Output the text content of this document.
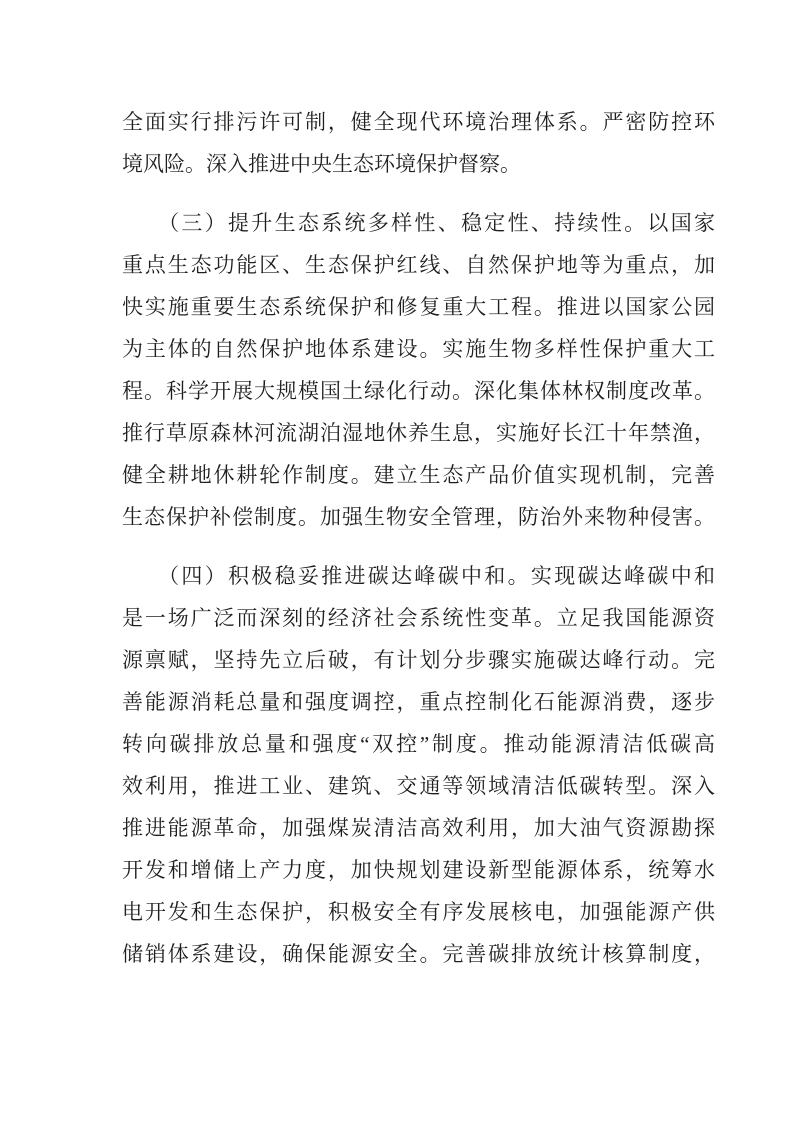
全面实行排污许可制，健全现代环境治理体系。严密防控环
境风险。深入推进中央生态环境保护督察。
　　（三）提升生态系统多样性、稳定性、持续性。以国家
重点生态功能区、生态保护红线、自然保护地等为重点，加
快实施重要生态系统保护和修复重大工程。推进以国家公园
为主体的自然保护地体系建设。实施生物多样性保护重大工
程。科学开展大规模国土绿化行动。深化集体林权制度改革。
推行草原森林河流湖泊湿地休养生息，实施好长江十年禁渔，
健全耕地休耕轮作制度。建立生态产品价值实现机制，完善
生态保护补偿制度。加强生物安全管理，防治外来物种侵害。
　　（四）积极稳妥推进碳达峰碳中和。实现碳达峰碳中和
是一场广泛而深刻的经济社会系统性变革。立足我国能源资
源禀赋，坚持先立后破，有计划分步骤实施碳达峰行动。完
善能源消耗总量和强度调控，重点控制化石能源消费，逐步
转向碳排放总量和强度“双控”制度。推动能源清洁低碳高
效利用，推进工业、建筑、交通等领域清洁低碳转型。深入
推进能源革命，加强煤炭清洁高效利用，加大油气资源勘探
开发和增储上产力度，加快规划建设新型能源体系，统筹水
电开发和生态保护，积极安全有序发展核电，加强能源产供
储销体系建设，确保能源安全。完善碳排放统计核算制度，
